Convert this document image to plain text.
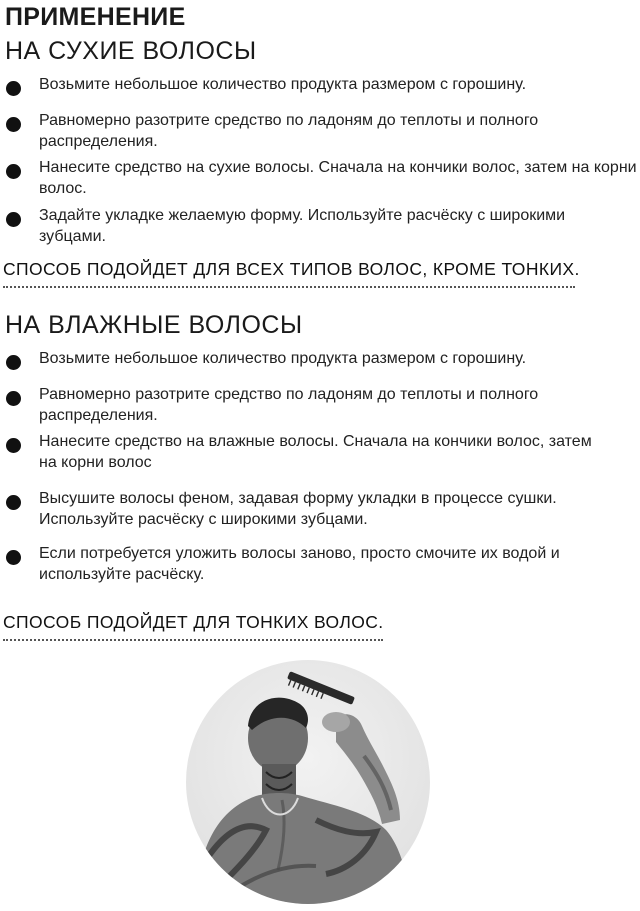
ПРИМЕНЕНИЕ
НА СУХИЕ ВОЛОСЫ
Возьмите небольшое количество продукта размером с горошину.
Равномерно разотрите средство по ладоням до теплоты и полного распределения.
Нанесите средство на сухие волосы. Сначала на кончики волос, затем на корни волос.
Задайте укладке желаемую форму. Используйте расчёску с широкими зубцами.
СПОСОБ ПОДОЙДЕТ ДЛЯ ВСЕХ ТИПОВ ВОЛОС, КРОМЕ ТОНКИХ.
НА ВЛАЖНЫЕ ВОЛОСЫ
Возьмите небольшое количество продукта размером с горошину.
Равномерно разотрите средство по ладоням до теплоты и полного распределения.
Нанесите средство на влажные волосы. Сначала на кончики волос, затем на корни волос
Высушите волосы феном, задавая форму укладки в процессе сушки. Используйте расчёску с широкими зубцами.
Если потребуется уложить волосы заново, просто смочите их водой и используйте расчёску.
СПОСОБ ПОДОЙДЕТ ДЛЯ ТОНКИХ ВОЛОС.
